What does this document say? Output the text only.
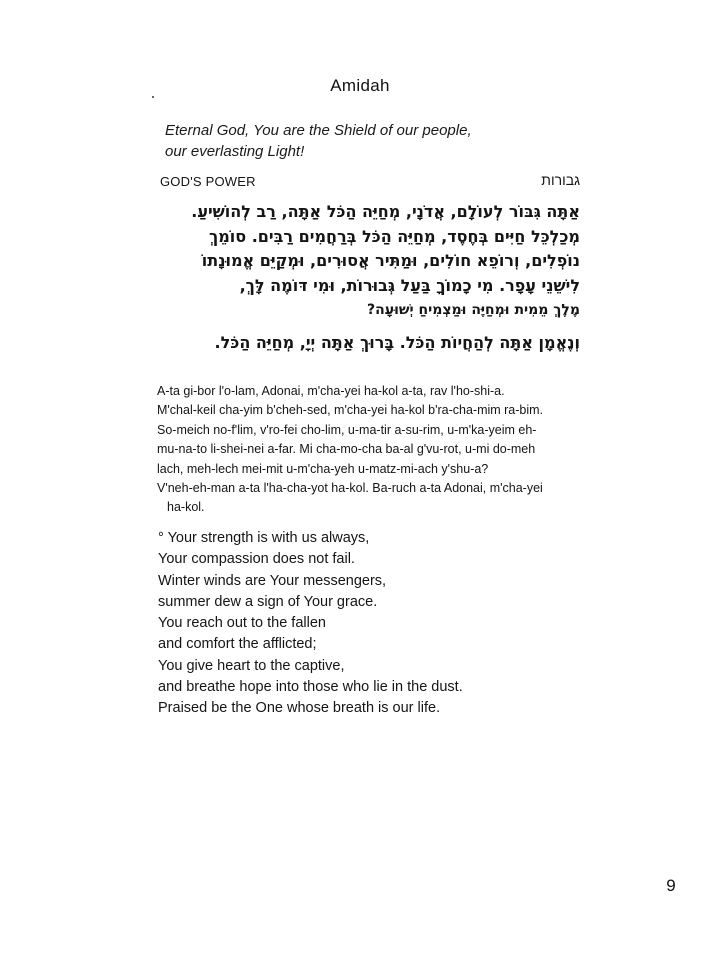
Amidah
Eternal God, You are the Shield of our people,
our everlasting Light!
GOD'S POWER	גבורות
אַתָּה גִּבּוֹר לְעוֹלָם, אֲדֹנָי, מְחַיֵּה הַכֹּל אַתָּה, רַב לְהוֹשִׁיעַ.
מְכַלְכֵּל חַיִּים בְּחֶסֶד, מְחַיֵּה הַכֹּל בְּרַחֲמִים רַבִּים. סוֹמֵךְ
נוֹפְלִים, וְרוֹפֵא חוֹלִים, וּמַתִּיר אֲסוּרִים, וּמְקַיֵּם אֱמוּנָתוֹ
לִישֵׁנֵי עָפָר. מִי כָמוֹךָ בַּעַל גְּבוּרוֹת, וּמִי דּוֹמֶה לָּךְ,
מֶלֶךְ מֵמִית וּמְחַיֶּה וּמַצְמִיחַ יְשׁוּעָה?
וְנֶאֱמָן אַתָּה לְהַחֲיוֹת הַכֹּל. בָּרוּךְ אַתָּה יְיָ, מְחַיֵּה הַכֹּל.
A-ta gi-bor l'o-lam, Adonai, m'cha-yei ha-kol a-ta, rav l'ho-shi-a.
M'chal-keil cha-yim b'cheh-sed, m'cha-yei ha-kol b'ra-cha-mim ra-bim.
So-meich no-f'lim, v'ro-fei cho-lim, u-ma-tir a-su-rim, u-m'ka-yeim eh-
mu-na-to li-shei-nei a-far. Mi cha-mo-cha ba-al g'vu-rot, u-mi do-meh
lach, meh-lech mei-mit u-m'cha-yeh u-matz-mi-ach y'shu-a?
V'neh-eh-man a-ta l'ha-cha-yot ha-kol. Ba-ruch a-ta Adonai, m'cha-yei
ha-kol.
° Your strength is with us always,
Your compassion does not fail.
Winter winds are Your messengers,
summer dew a sign of Your grace.
You reach out to the fallen
and comfort the afflicted;
You give heart to the captive,
and breathe hope into those who lie in the dust.
Praised be the One whose breath is our life.
9
